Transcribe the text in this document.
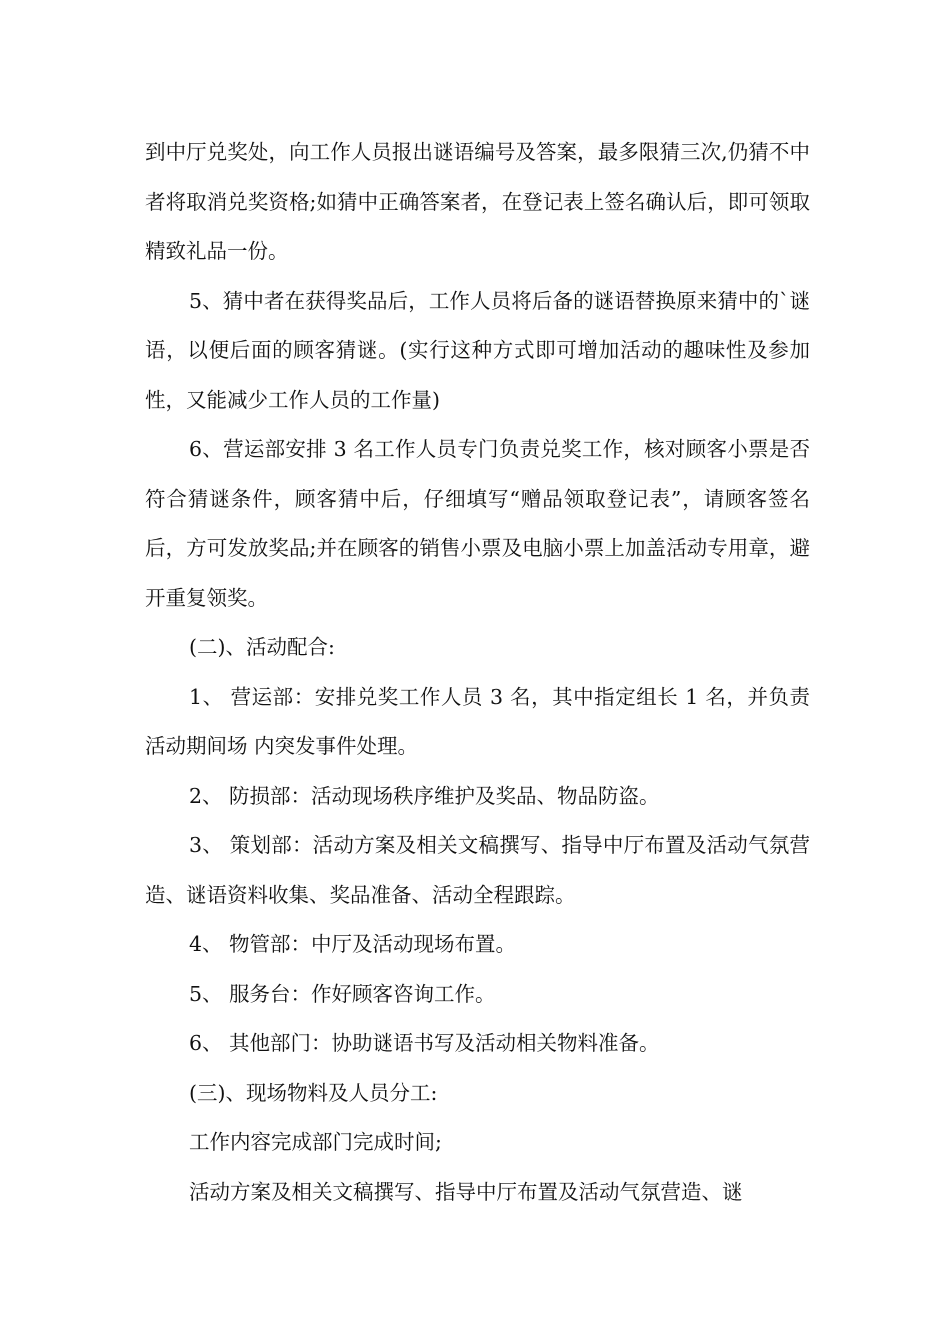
到中厅兑奖处，向工作人员报出谜语编号及答案，最多限猜三次,仍猜不中者将取消兑奖资格;如猜中正确答案者，在登记表上签名确认后，即可领取精致礼品一份。

5、猜中者在获得奖品后，工作人员将后备的谜语替换原来猜中的`谜语，以便后面的顾客猜谜。(实行这种方式即可增加活动的趣味性及参加性，又能减少工作人员的工作量)

6、营运部安排 3 名工作人员专门负责兑奖工作，核对顾客小票是否符合猜谜条件，顾客猜中后，仔细填写“赠品领取登记表”，请顾客签名后，方可发放奖品;并在顾客的销售小票及电脑小票上加盖活动专用章，避开重复领奖。

(二)、活动配合:

1、 营运部：安排兑奖工作人员 3 名，其中指定组长 1 名，并负责活动期间场 内突发事件处理。

2、 防损部：活动现场秩序维护及奖品、物品防盗。

3、 策划部：活动方案及相关文稿撰写、指导中厅布置及活动气氛营造、谜语资料收集、奖品准备、活动全程跟踪。

4、 物管部：中厅及活动现场布置。

5、 服务台：作好顾客咨询工作。

6、 其他部门：协助谜语书写及活动相关物料准备。

(三)、现场物料及人员分工:

工作内容完成部门完成时间;

活动方案及相关文稿撰写、指导中厅布置及活动气氛营造、谜
